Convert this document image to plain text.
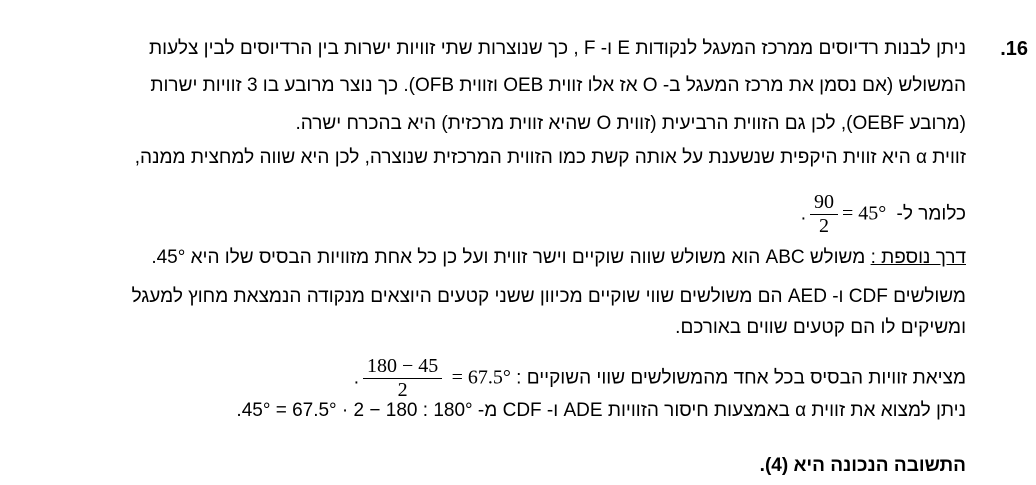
.16
ניתן לבנות רדיוסים ממרכז המעגל לנקודות E ו- F , כך שנוצרות שתי זוויות ישרות בין הרדיוסים לבין צלעות
המשולש (אם נסמן את מרכז המעגל ב- O אז אלו זווית OEB וזווית OFB). כך נוצר מרובע בו 3 זוויות ישרות
(מרובע OEBF), לכן גם הזווית הרביעית (זווית O שהיא זווית מרכזית) היא בהכרח ישרה.
זווית α היא זווית היקפית שנשענת על אותה קשת כמו הזווית המרכזית שנוצרה, לכן היא שווה למחצית ממנה,
כלומר ל- = 45°
$\frac{90}{2}$
.
דרך נוספת : משולש ABC הוא משולש שווה שוקיים וישר זווית ועל כן כל אחת מזוויות הבסיס שלו היא 45°.
משולשים CDF ו- AED הם משולשים שווי שוקיים מכיוון ששני קטעים היוצאים מנקודה הנמצאת מחוץ למעגל
ומשיקים לו הם קטעים שווים באורכם.
מציאת זוויות הבסיס בכל אחד מהמשולשים שווי השוקיים : = 67.5°
$\frac{180 - 45}{2}$
.
ניתן למצוא את זווית α באמצעות חיסור הזוויות ADE ו- CDF מ- 180° : 180 − 2 · 67.5° = 45°.
התשובה הנכונה היא (4).
